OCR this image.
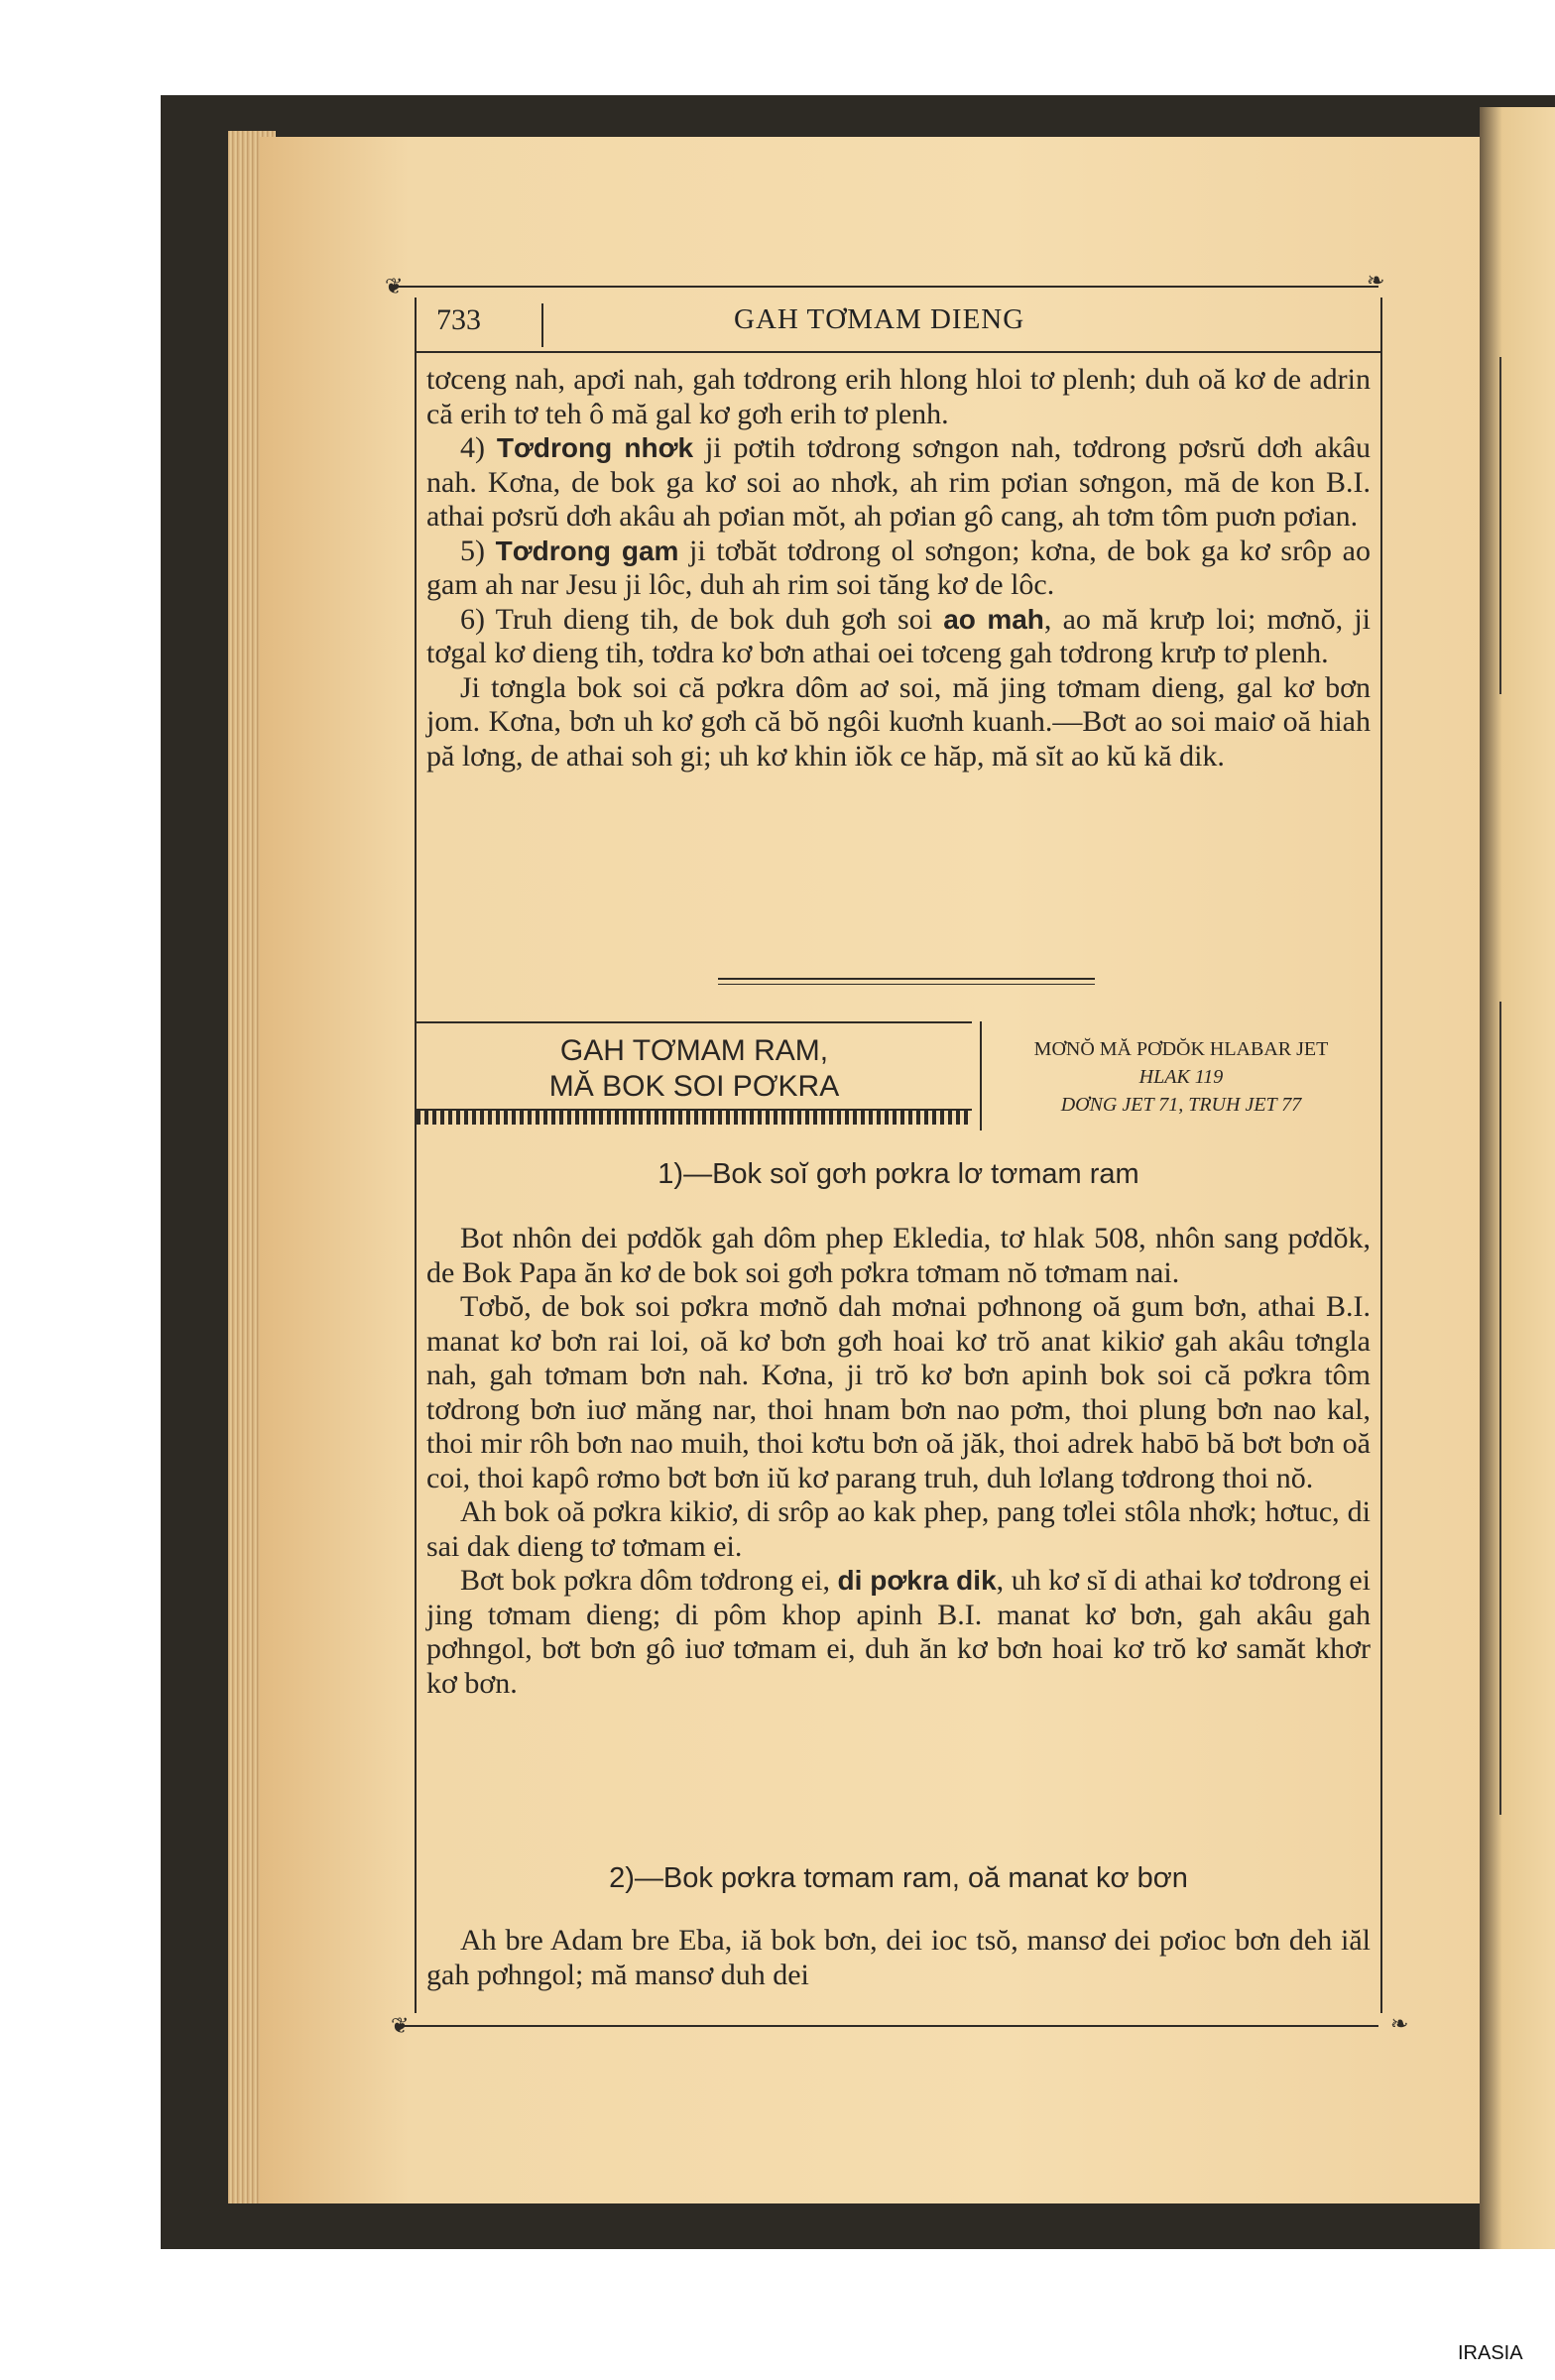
❦	❧
❦	❧
733	GAH TƠMAM DIENG

tơceng nah, apơi nah, gah tơdrong erih hlong hloi tơ plenh; duh oă kơ de adrin că erih tơ teh ô mă gal kơ gơh erih tơ plenh.

4) Tơdrong nhơk ji pơtih tơdrong sơngon nah, tơdrong pơsrŭ dơh akâu nah. Kơna, de bok ga kơ soi ao nhơk, ah rim pơian sơngon, mă de kon B.I. athai pơsrŭ dơh akâu ah pơian mŏt, ah pơian gô cang, ah tơm tôm puơn pơian.

5) Tơdrong gam ji tơbăt tơdrong ol sơngon; kơna, de bok ga kơ srôp ao gam ah nar Jesu ji lôc, duh ah rim soi tăng kơ de lôc.

6) Truh dieng tih, de bok duh gơh soi ao mah, ao mă krưp loi; mơnŏ, ji tơgal kơ dieng tih, tơdra kơ bơn athai oei tơceng gah tơdrong krưp tơ plenh.

Ji tơngla bok soi că pơkra dôm aơ soi, mă jing tơmam dieng, gal kơ bơn jom. Kơna, bơn uh kơ gơh că bŏ ngôi kuơnh kuanh.—Bơt ao soi maiơ oă hiah pă lơng, de athai soh gi; uh kơ khin iŏk ce hăp, mă sĭt ao kŭ kă dik.

GAH TƠMAM RAM,
MĂ BOK SOI PƠKRA
MƠNŎ MĂ PƠDŎK HLABAR JET
HLAK 119
DƠNG JET 71, TRUH JET 77
1)—Bok soĭ gơh pơkra lơ tơmam ram

Bot nhôn dei pơdŏk gah dôm phep Ekledia, tơ hlak 508, nhôn sang pơdŏk, de Bok Papa ăn kơ de bok soi gơh pơkra tơmam nŏ tơmam nai.

Tơbŏ, de bok soi pơkra mơnŏ dah mơnai pơhnong oă gum bơn, athai B.I. manat kơ bơn rai loi, oă kơ bơn gơh hoai kơ trŏ anat kikiơ gah akâu tơngla nah, gah tơmam bơn nah. Kơna, ji trŏ kơ bơn apinh bok soi că pơkra tôm tơdrong bơn iuơ măng nar, thoi hnam bơn nao pơm, thoi plung bơn nao kal, thoi mir rôh bơn nao muih, thoi kơtu bơn oă jăk, thoi adrek habō bă bơt bơn oă coi, thoi kapô rơmo bơt bơn iŭ kơ parang truh, duh lơlang tơdrong thoi nŏ.

Ah bok oă pơkra kikiơ, di srôp ao kak phep, pang tơlei stôla nhơk; hơtuc, di sai dak dieng tơ tơmam ei.

Bơt bok pơkra dôm tơdrong ei, di pơkra dik, uh kơ sĭ di athai kơ tơdrong ei jing tơmam dieng; di pôm khop apinh B.I. manat kơ bơn, gah akâu gah pơhngol, bơt bơn gô iuơ tơmam ei, duh ăn kơ bơn hoai kơ trŏ kơ samăt khơr kơ bơn.

2)—Bok pơkra tơmam ram, oă manat kơ bơn

Ah bre Adam bre Eba, iă bok bơn, dei ioc tsŏ, mansơ dei pơioc bơn deh iăl gah pơhngol; mă mansơ duh dei

IRASIA
